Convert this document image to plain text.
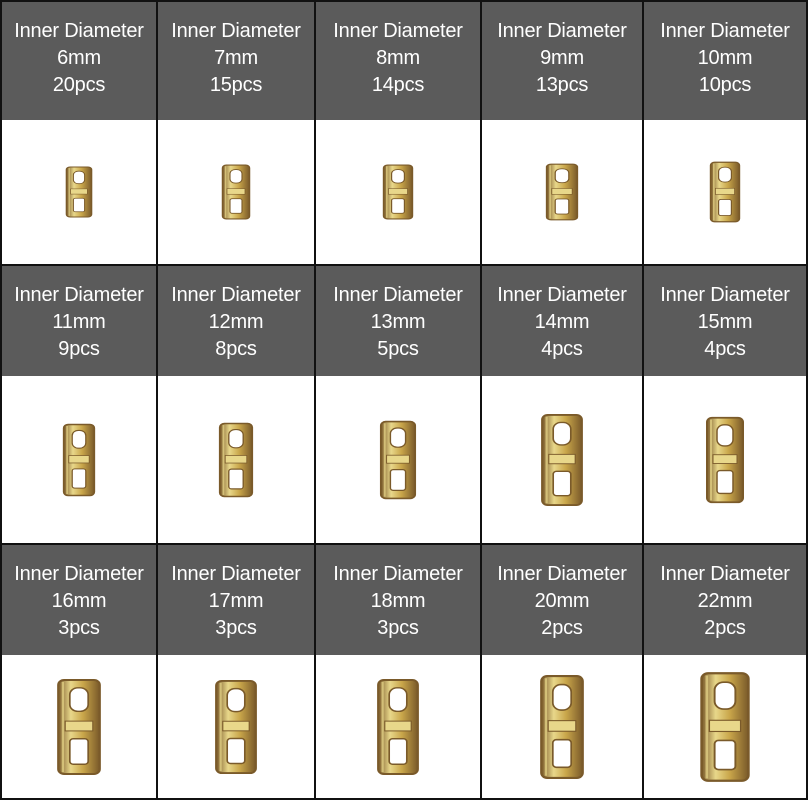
Inner Diameter
6mm
20pcs
Inner Diameter
7mm
15pcs
Inner Diameter
8mm
14pcs
Inner Diameter
9mm
13pcs
Inner Diameter
10mm
10pcs
Inner Diameter
11mm
9pcs
Inner Diameter
12mm
8pcs
Inner Diameter
13mm
5pcs
Inner Diameter
14mm
4pcs
Inner Diameter
15mm
4pcs
Inner Diameter
16mm
3pcs
Inner Diameter
17mm
3pcs
Inner Diameter
18mm
3pcs
Inner Diameter
20mm
2pcs
Inner Diameter
22mm
2pcs
